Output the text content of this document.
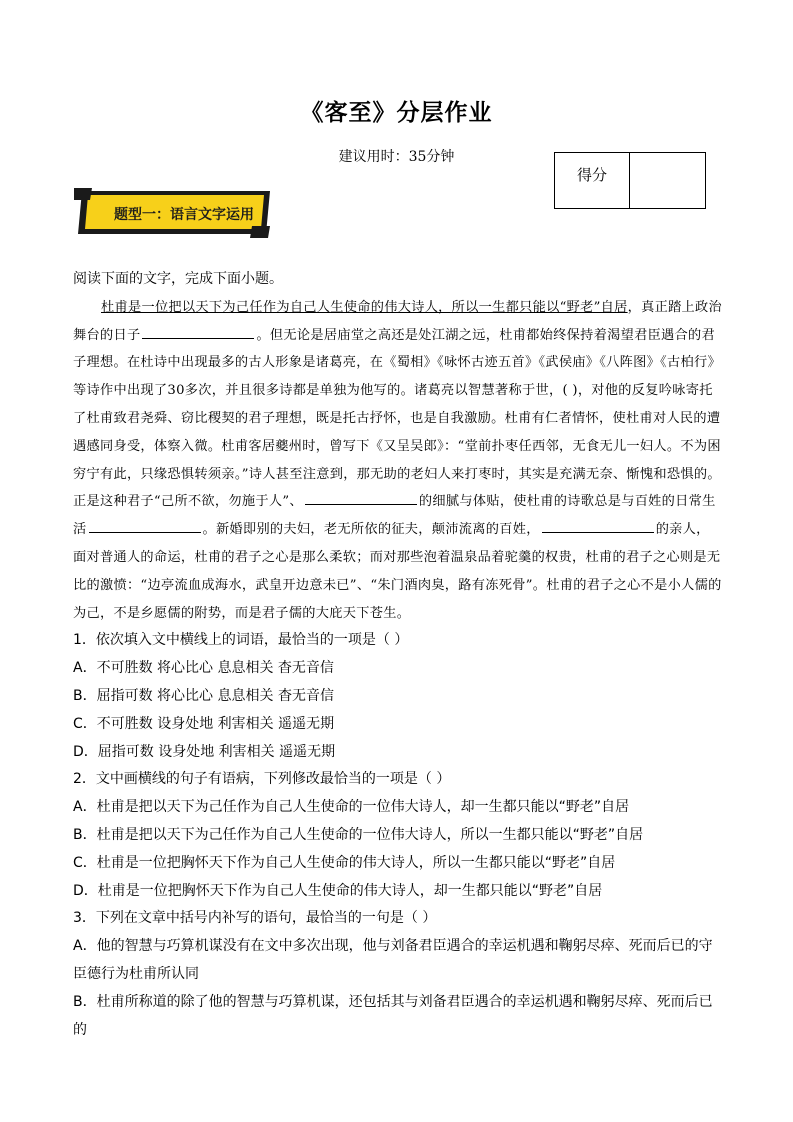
《客至》分层作业
建议用时：35分钟
得分
题型一：语言文字运用

阅读下面的文字，完成下面小题。

杜甫是一位把以天下为己任作为自己人生使命的伟大诗人，所以一生都只能以“野老”自居，真正踏上政治舞台的日子	。但无论是居庙堂之高还是处江湖之远，杜甫都始终保持着渴望君臣遇合的君子理想。在杜诗中出现最多的古人形象是诸葛亮，在《蜀相》《咏怀古迹五首》《武侯庙》《八阵图》《古柏行》等诗作中出现了30多次，并且很多诗都是单独为他写的。诸葛亮以智慧著称于世，( )，对他的反复吟咏寄托了杜甫致君尧舜、窃比稷契的君子理想，既是托古抒怀，也是自我激励。杜甫有仁者情怀，使杜甫对人民的遭遇感同身受，体察入微。杜甫客居夔州时，曾写下《又呈吴郎》：“堂前扑枣任西邻，无食无儿一妇人。不为困穷宁有此，只缘恐惧转须亲。”诗人甚至注意到，那无助的老妇人来打枣时，其实是充满无奈、惭愧和恐惧的。正是这种君子“己所不欲，勿施于人”、	的细腻与体贴，使杜甫的诗歌总是与百姓的日常生活	。新婚即别的夫妇，老无所依的征夫，颠沛流离的百姓，	的亲人，面对普通人的命运，杜甫的君子之心是那么柔软；而对那些泡着温泉品着驼羹的权贵，杜甫的君子之心则是无比的激愤：“边亭流血成海水，武皇开边意未已”、“朱门酒肉臭，路有冻死骨”。杜甫的君子之心不是小人儒的为己，不是乡愿儒的附势，而是君子儒的大庇天下苍生。

1．依次填入文中横线上的词语，最恰当的一项是（ ）

A．不可胜数 将心比心 息息相关 杳无音信

B．屈指可数 将心比心 息息相关 杳无音信

C．不可胜数 设身处地 利害相关 遥遥无期

D．屈指可数 设身处地 利害相关 遥遥无期

2．文中画横线的句子有语病，下列修改最恰当的一项是（ ）

A．杜甫是把以天下为己任作为自己人生使命的一位伟大诗人，却一生都只能以“野老”自居

B．杜甫是把以天下为己任作为自己人生使命的一位伟大诗人，所以一生都只能以“野老”自居

C．杜甫是一位把胸怀天下作为自己人生使命的伟大诗人，所以一生都只能以“野老”自居

D．杜甫是一位把胸怀天下作为自己人生使命的伟大诗人，却一生都只能以“野老”自居

3．下列在文章中括号内补写的语句，最恰当的一句是（ ）

A．他的智慧与巧算机谋没有在文中多次出现，他与刘备君臣遇合的幸运机遇和鞠躬尽瘁、死而后已的守臣德行为杜甫所认同

B．杜甫所称道的除了他的智慧与巧算机谋，还包括其与刘备君臣遇合的幸运机遇和鞠躬尽瘁、死而后已的
